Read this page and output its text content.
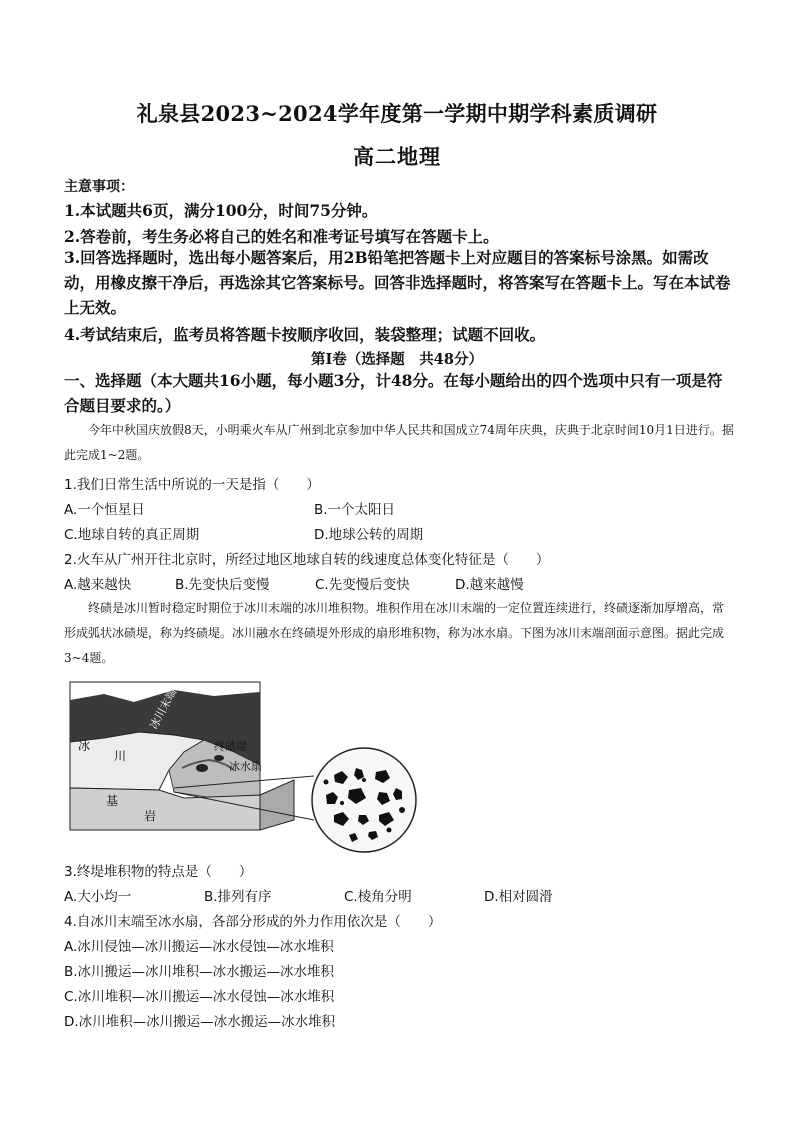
礼泉县2023~2024学年度第一学期中期学科素质调研
高二地理
主意事项：
1.本试题共6页，满分100分，时间75分钟。
2.答卷前，考生务必将自己的姓名和准考证号填写在答题卡上。
3.回答选择题时，选出每小题答案后，用2B铅笔把答题卡上对应题目的答案标号涂黑。如需改动，用橡皮擦干净后，再选涂其它答案标号。回答非选择题时，将答案写在答题卡上。写在本试卷上无效。
4.考试结束后，监考员将答题卡按顺序收回，装袋整理；试题不回收。
第Ⅰ卷（选择题　共48分）
一、选择题（本大题共16小题，每小题3分，计48分。在每小题给出的四个选项中只有一项是符合题目要求的。）
今年中秋国庆放假8天，小明乘火车从广州到北京参加中华人民共和国成立74周年庆典，庆典于北京时间10月1日进行。据此完成1~2题。
1.我们日常生活中所说的一天是指（　　）
A.一个恒星日	B.一个太阳日
C.地球自转的真正周期	D.地球公转的周期
2.火车从广州开往北京时，所经过地区地球自转的线速度总体变化特征是（　　）
A.越来越快	B.先变快后变慢	C.先变慢后变快	D.越来越慢
终碛是冰川暂时稳定时期位于冰川末端的冰川堆积物。堆积作用在冰川末端的一定位置连续进行，终碛逐渐加厚增高，常形成弧状冰碛堤，称为终碛堤。冰川融水在终碛堤外形成的扇形堆积物，称为冰水扇。下图为冰川末端剖面示意图。据此完成3~4题。
冰
川
基
岩
冰川末端
终碛堤
冰水扇
3.终堤堆积物的特点是（　　）
A.大小均一	B.排列有序	C.棱角分明	D.相对圆滑
4.自冰川末端至冰水扇，各部分形成的外力作用依次是（　　）
A.冰川侵蚀—冰川搬运—冰水侵蚀—冰水堆积
B.冰川搬运—冰川堆积—冰水搬运—冰水堆积
C.冰川堆积—冰川搬运—冰水侵蚀—冰水堆积
D.冰川堆积—冰川搬运—冰水搬运—冰水堆积
